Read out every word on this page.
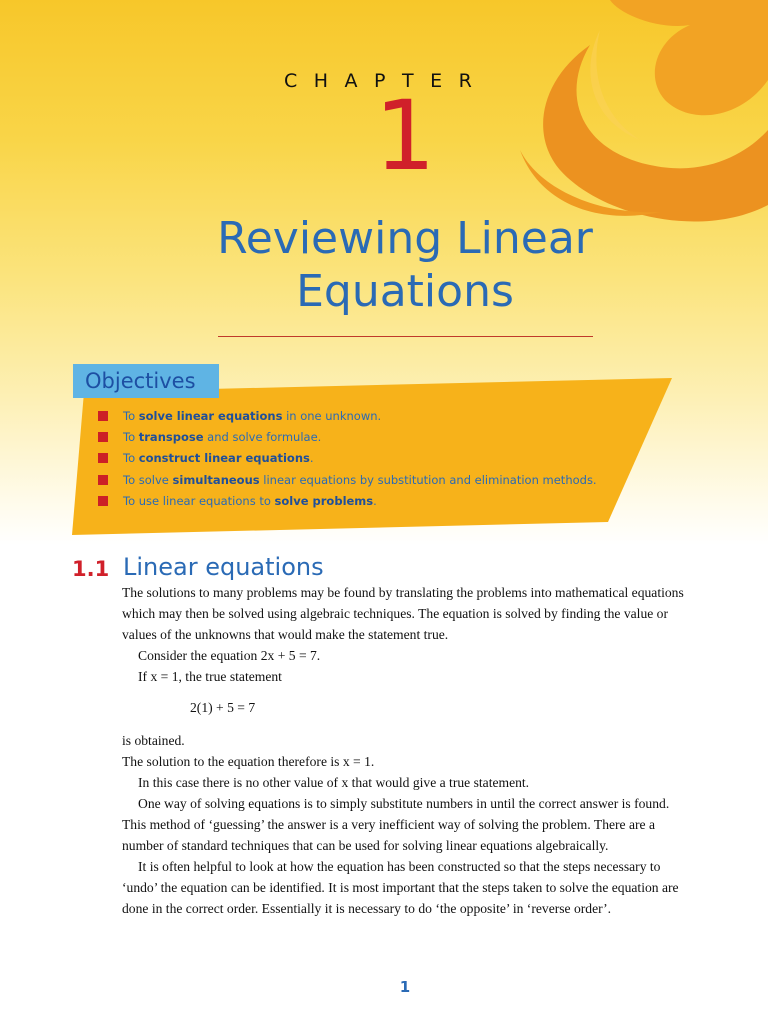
CHAPTER

1

Reviewing Linear
Equations
Objectives
To solve linear equations in one unknown.
To transpose and solve formulae.
To construct linear equations.
To solve simultaneous linear equations by substitution and elimination methods.
To use linear equations to solve problems.
1.1 Linear equations

The solutions to many problems may be found by translating the problems into mathematical equations which may then be solved using algebraic techniques. The equation is solved by finding the value or values of the unknowns that would make the statement true.

Consider the equation 2x + 5 = 7.

If x = 1, the true statement

2(1) + 5 = 7

is obtained.

The solution to the equation therefore is x = 1.

In this case there is no other value of x that would give a true statement.

One way of solving equations is to simply substitute numbers in until the correct answer is found. This method of ‘guessing’ the answer is a very inefficient way of solving the problem. There are a number of standard techniques that can be used for solving linear equations algebraically.

It is often helpful to look at how the equation has been constructed so that the steps necessary to ‘undo’ the equation can be identified. It is most important that the steps taken to solve the equation are done in the correct order. Essentially it is necessary to do ‘the opposite’ in ‘reverse order’.

1
